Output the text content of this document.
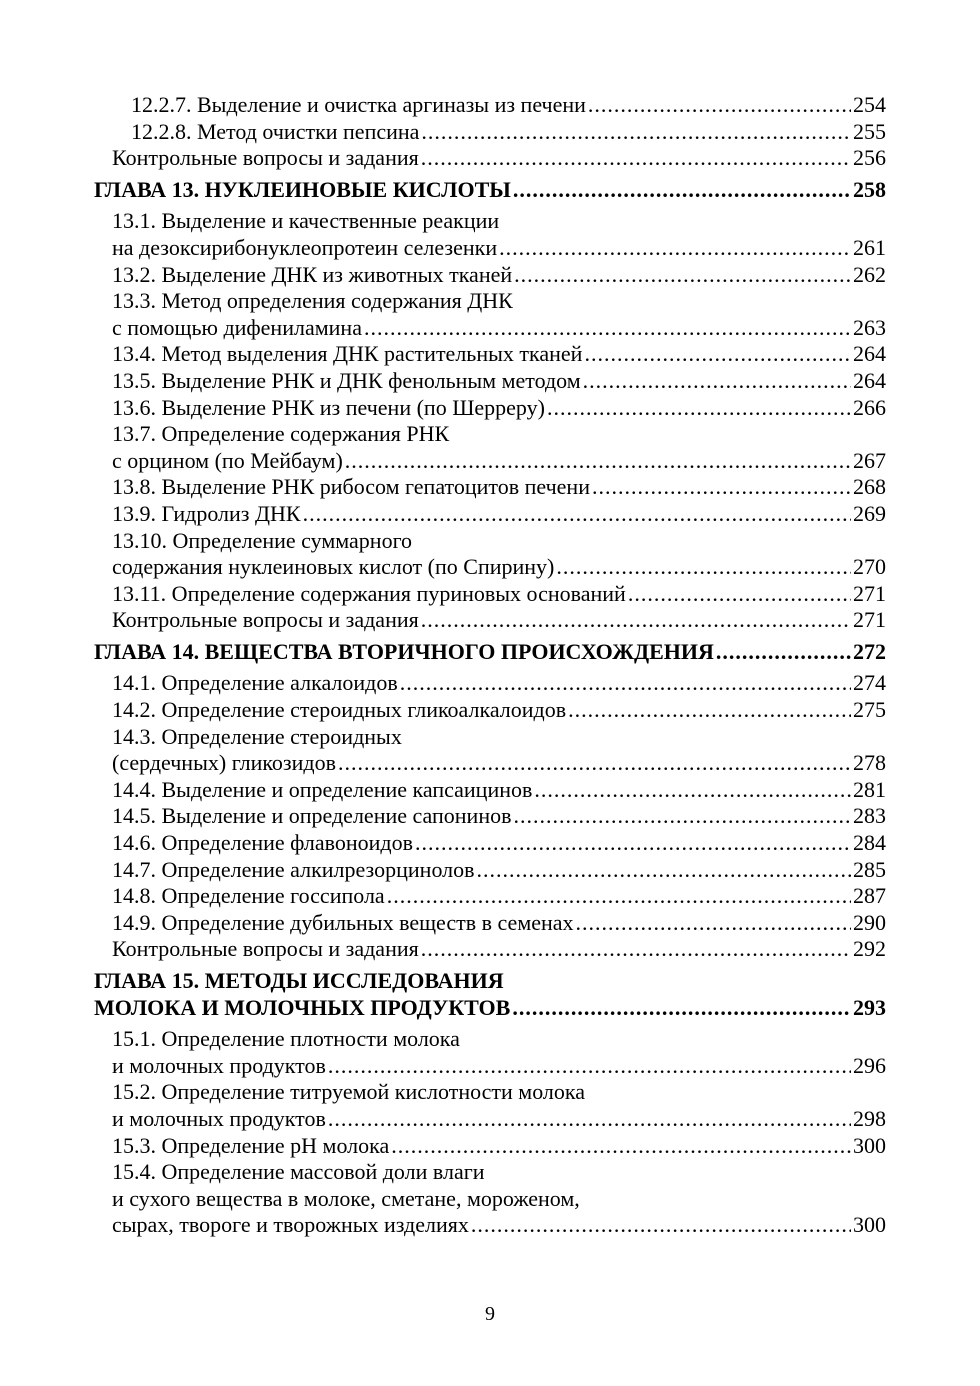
12.2.7. Выделение и очистка аргиназы из печени .....	254
12.2.8. Метод очистки пепсина .....	255
Контрольные вопросы и задания .....	256
ГЛАВА 13. НУКЛЕИНОВЫЕ КИСЛОТЫ .....	258
13.1. Выделение и качественные реакции
на дезоксирибонуклеопротеин селезенки .....	261
13.2. Выделение ДНК из животных тканей .....	262
13.3. Метод определения содержания ДНК
с помощью дифениламина .....	263
13.4. Метод выделения ДНК растительных тканей .....	264
13.5. Выделение РНК и ДНК фенольным методом .....	264
13.6. Выделение РНК из печени (по Шерреру) .....	266
13.7. Определение содержания РНК
с орцином (по Мейбаум) .....	267
13.8. Выделение РНК рибосом гепатоцитов печени .....	268
13.9. Гидролиз ДНК .....	269
13.10. Определение суммарного
содержания нуклеиновых кислот (по Спирину) .....	270
13.11. Определение содержания пуриновых оснований .....	271
Контрольные вопросы и задания .....	271
ГЛАВА 14. ВЕЩЕСТВА ВТОРИЧНОГО ПРОИСХОЖДЕНИЯ .....	272
14.1. Определение алкалоидов .....	274
14.2. Определение стероидных гликоалкалоидов .....	275
14.3. Определение стероидных
(сердечных) гликозидов .....	278
14.4. Выделение и определение капсаицинов .....	281
14.5. Выделение и определение сапонинов .....	283
14.6. Определение флавоноидов .....	284
14.7. Определение алкилрезорцинолов .....	285
14.8. Определение госсипола .....	287
14.9. Определение дубильных веществ в семенах .....	290
Контрольные вопросы и задания .....	292
ГЛАВА 15. МЕТОДЫ ИССЛЕДОВАНИЯ
МОЛОКА И МОЛОЧНЫХ ПРОДУКТОВ .....	293
15.1. Определение плотности молока
и молочных продуктов .....	296
15.2. Определение титруемой кислотности молока
и молочных продуктов .....	298
15.3. Определение рН молока .....	300
15.4. Определение массовой доли влаги
и сухого вещества в молоке, сметане, мороженом,
сырах, твороге и творожных изделиях .....	300
9
